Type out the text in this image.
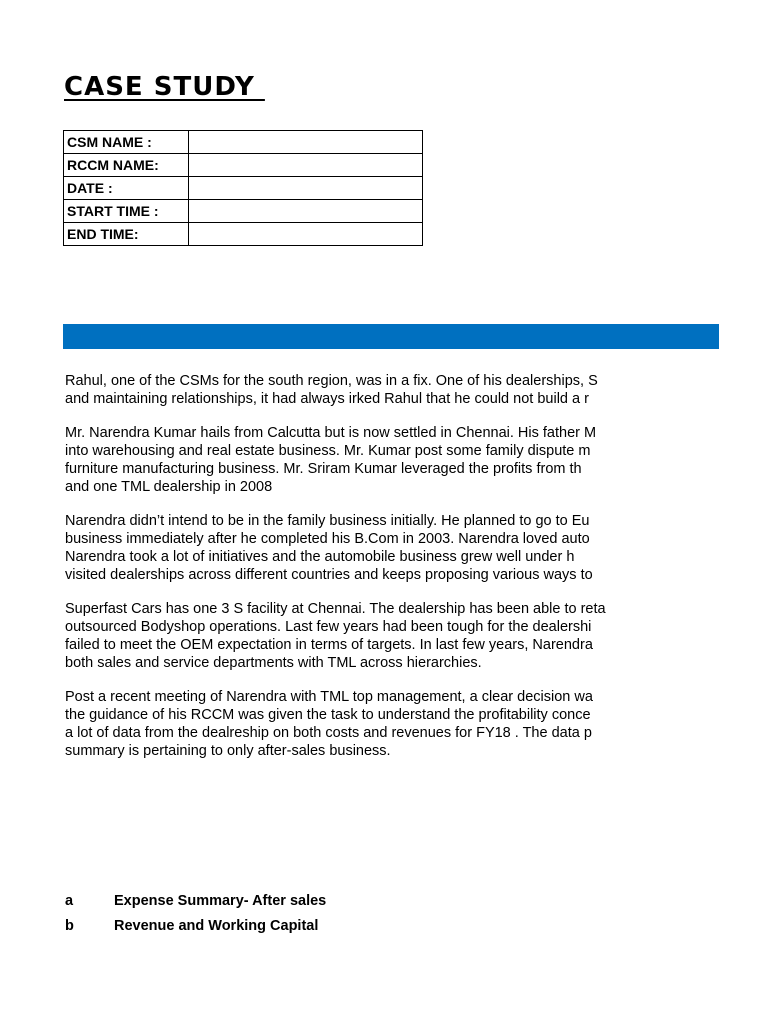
CASE STUDY
CSM NAME :	
RCCM NAME:	
DATE :	
START TIME :	
END TIME:	
Rahul, one of the CSMs for the south region, was in a fix. One of his dealerships, S
and maintaining relationships, it had always irked Rahul that he could not build a r
Mr. Narendra Kumar hails from Calcutta but is now settled in Chennai. His father M
into warehousing and real estate business. Mr. Kumar post some family dispute m
furniture manufacturing business. Mr. Sriram Kumar leveraged the profits from th
and one TML dealership in 2008
Narendra didn’t intend to be in the family business initially. He planned to go to Eu
business immediately after he completed his B.Com in 2003. Narendra loved auto
Narendra took a lot of initiatives and the automobile business grew well under h
visited dealerships across different countries and keeps proposing various ways to
Superfast Cars has one 3 S facility at Chennai. The dealership has been able to reta
outsourced Bodyshop operations. Last few years had been tough for the dealershi
failed to meet the OEM expectation in terms of targets. In last few years, Narendra
both sales and service departments with TML across hierarchies.
Post a recent meeting of Narendra with TML top management, a clear decision wa
the guidance of his RCCM was given the task to understand the profitability conce
a lot of data from the dealreship on both costs and revenues for FY18 . The data p
summary is pertaining to only after-sales business.
a	Expense Summary- After sales
b	Revenue and Working Capital
